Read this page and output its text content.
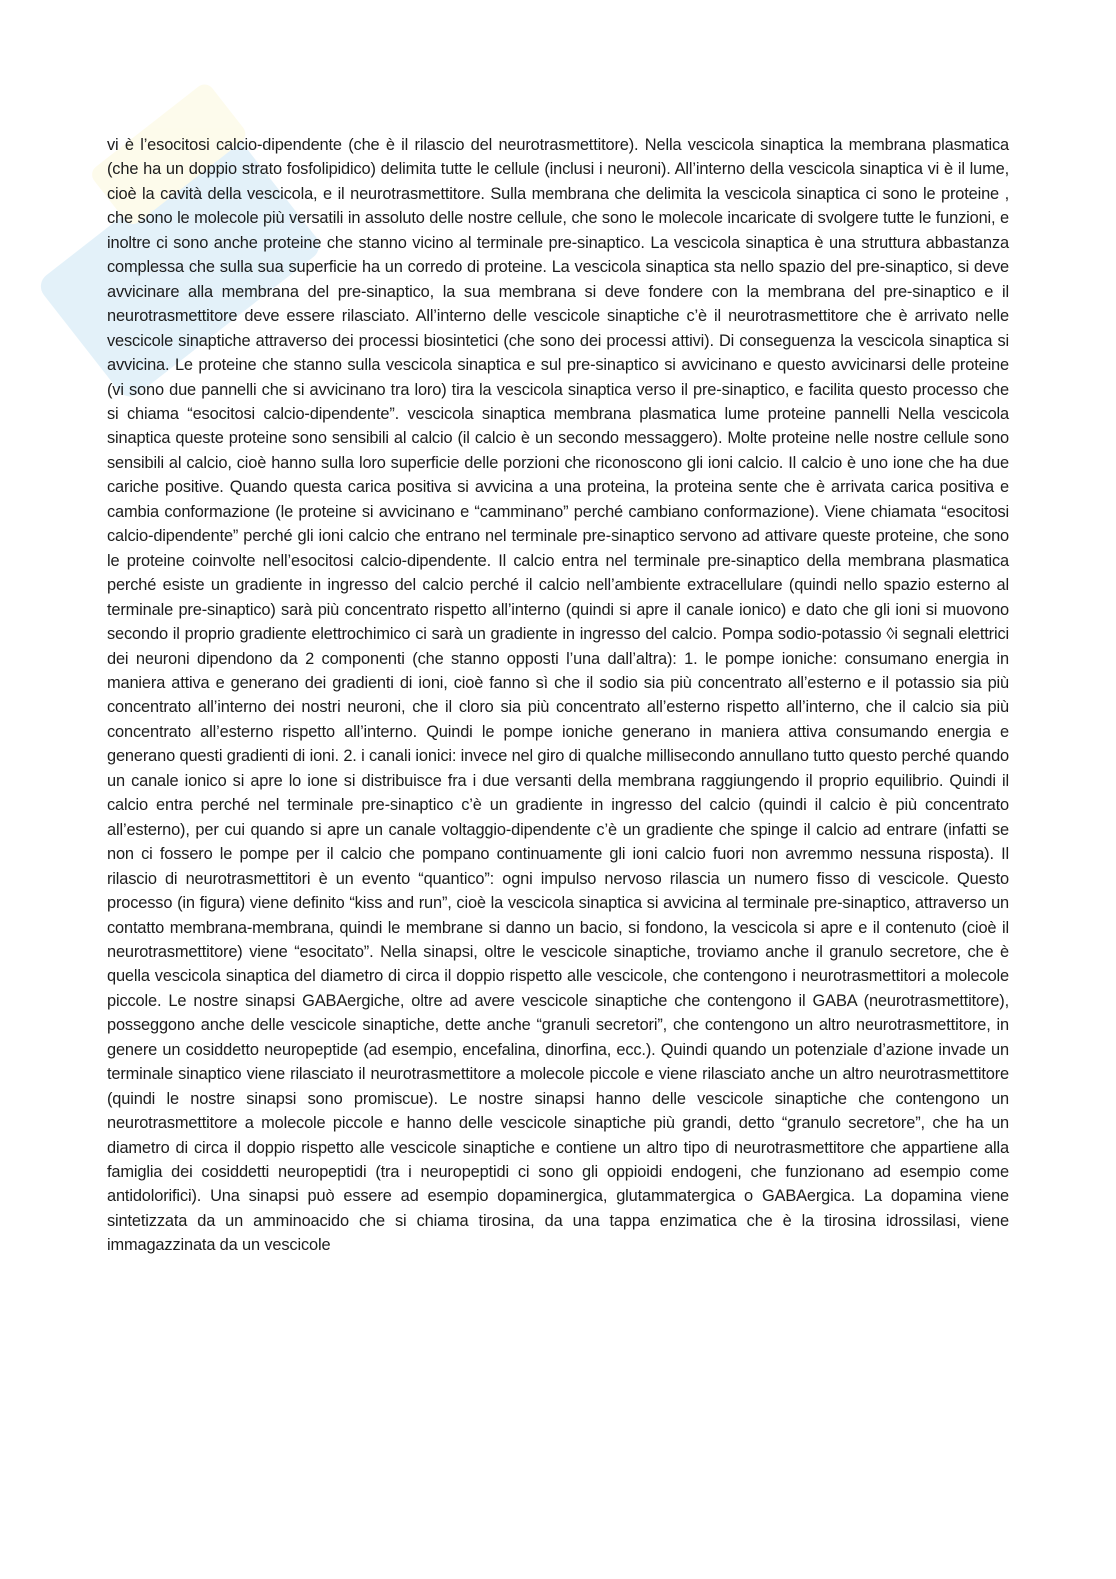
Appunti

vi è l’esocitosi calcio-dipendente (che è il rilascio del neurotrasmettitore). Nella vescicola sinaptica la membrana plasmatica (che ha un doppio strato fosfolipidico) delimita tutte le cellule (inclusi i neuroni). All’interno della vescicola sinaptica vi è il lume, cioè la cavità della vescicola, e il neurotrasmettitore. Sulla membrana che delimita la vescicola sinaptica ci sono le proteine , che sono le molecole più versatili in assoluto delle nostre cellule, che sono le molecole incaricate di svolgere tutte le funzioni, e inoltre ci sono anche proteine che stanno vicino al terminale pre-sinaptico. La vescicola sinaptica è una struttura abbastanza complessa che sulla sua superficie ha un corredo di proteine. La vescicola sinaptica sta nello spazio del pre-sinaptico, si deve avvicinare alla membrana del pre-sinaptico, la sua membrana si deve fondere con la membrana del pre-sinaptico e il neurotrasmettitore deve essere rilasciato. All’interno delle vescicole sinaptiche c’è il neurotrasmettitore che è arrivato nelle vescicole sinaptiche attraverso dei processi biosintetici (che sono dei processi attivi). Di conseguenza la vescicola sinaptica si avvicina. Le proteine che stanno sulla vescicola sinaptica e sul pre-sinaptico si avvicinano e questo avvicinarsi delle proteine (vi sono due pannelli che si avvicinano tra loro) tira la vescicola sinaptica verso il pre-sinaptico, e facilita questo processo che si chiama “esocitosi calcio-dipendente”. vescicola sinaptica membrana plasmatica lume proteine pannelli Nella vescicola sinaptica queste proteine sono sensibili al calcio (il calcio è un secondo messaggero). Molte proteine nelle nostre cellule sono sensibili al calcio, cioè hanno sulla loro superficie delle porzioni che riconoscono gli ioni calcio. Il calcio è uno ione che ha due cariche positive. Quando questa carica positiva si avvicina a una proteina, la proteina sente che è arrivata carica positiva e cambia conformazione (le proteine si avvicinano e “camminano” perché cambiano conformazione). Viene chiamata “esocitosi calcio-dipendente” perché gli ioni calcio che entrano nel terminale pre-sinaptico servono ad attivare queste proteine, che sono le proteine coinvolte nell’esocitosi calcio-dipendente. Il calcio entra nel terminale pre-sinaptico della membrana plasmatica perché esiste un gradiente in ingresso del calcio perché il calcio nell’ambiente extracellulare (quindi nello spazio esterno al terminale pre-sinaptico) sarà più concentrato rispetto all’interno (quindi si apre il canale ionico) e dato che gli ioni si muovono secondo il proprio gradiente elettrochimico ci sarà un gradiente in ingresso del calcio. Pompa sodio-potassio ◊i segnali elettrici dei neuroni dipendono da 2 componenti (che stanno opposti l’una dall’altra): 1. le pompe ioniche: consumano energia in maniera attiva e generano dei gradienti di ioni, cioè fanno sì che il sodio sia più concentrato all’esterno e il potassio sia più concentrato all’interno dei nostri neuroni, che il cloro sia più concentrato all’esterno rispetto all’interno, che il calcio sia più concentrato all’esterno rispetto all’interno. Quindi le pompe ioniche generano in maniera attiva consumando energia e generano questi gradienti di ioni. 2. i canali ionici: invece nel giro di qualche millisecondo annullano tutto questo perché quando un canale ionico si apre lo ione si distribuisce fra i due versanti della membrana raggiungendo il proprio equilibrio. Quindi il calcio entra perché nel terminale pre-sinaptico c’è un gradiente in ingresso del calcio (quindi il calcio è più concentrato all’esterno), per cui quando si apre un canale voltaggio-dipendente c’è un gradiente che spinge il calcio ad entrare (infatti se non ci fossero le pompe per il calcio che pompano continuamente gli ioni calcio fuori non avremmo nessuna risposta). Il rilascio di neurotrasmettitori è un evento “quantico”: ogni impulso nervoso rilascia un numero fisso di vescicole. Questo processo (in figura) viene definito “kiss and run”, cioè la vescicola sinaptica si avvicina al terminale pre-sinaptico, attraverso un contatto membrana-membrana, quindi le membrane si danno un bacio, si fondono, la vescicola si apre e il contenuto (cioè il neurotrasmettitore) viene “esocitato”. Nella sinapsi, oltre le vescicole sinaptiche, troviamo anche il granulo secretore, che è quella vescicola sinaptica del diametro di circa il doppio rispetto alle vescicole, che contengono i neurotrasmettitori a molecole piccole. Le nostre sinapsi GABAergiche, oltre ad avere vescicole sinaptiche che contengono il GABA (neurotrasmettitore), posseggono anche delle vescicole sinaptiche, dette anche “granuli secretori”, che contengono un altro neurotrasmettitore, in genere un cosiddetto neuropeptide (ad esempio, encefalina, dinorfina, ecc.). Quindi quando un potenziale d’azione invade un terminale sinaptico viene rilasciato il neurotrasmettitore a molecole piccole e viene rilasciato anche un altro neurotrasmettitore (quindi le nostre sinapsi sono promiscue). Le nostre sinapsi hanno delle vescicole sinaptiche che contengono un neurotrasmettitore a molecole piccole e hanno delle vescicole sinaptiche più grandi, detto “granulo secretore”, che ha un diametro di circa il doppio rispetto alle vescicole sinaptiche e contiene un altro tipo di neurotrasmettitore che appartiene alla famiglia dei cosiddetti neuropeptidi (tra i neuropeptidi ci sono gli oppioidi endogeni, che funzionano ad esempio come antidolorifici). Una sinapsi può essere ad esempio dopaminergica, glutammatergica o GABAergica. La dopamina viene sintetizzata da un amminoacido che si chiama tirosina, da una tappa enzimatica che è la tirosina idrossilasi, viene immagazzinata da un vescicole
